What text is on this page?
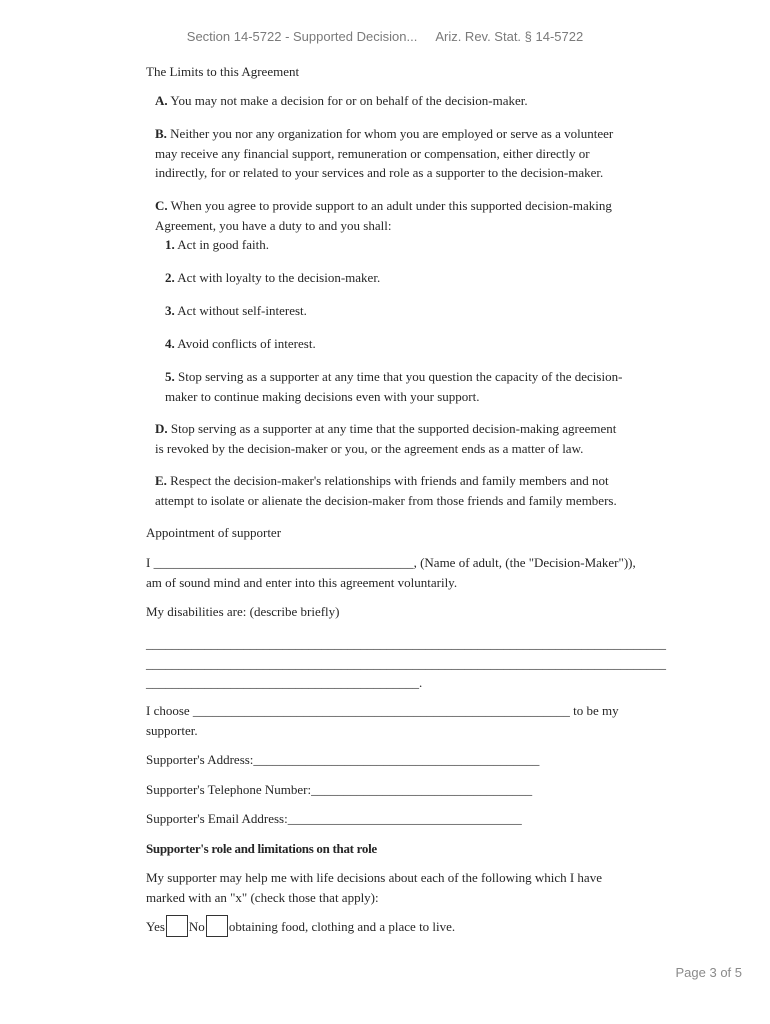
Section 14-5722 - Supported Decision... Ariz. Rev. Stat. § 14-5722
The Limits to this Agreement
A. You may not make a decision for or on behalf of the decision-maker.
B. Neither you nor any organization for whom you are employed or serve as a volunteer
may receive any financial support, remuneration or compensation, either directly or
indirectly, for or related to your services and role as a supporter to the decision-maker.
C. When you agree to provide support to an adult under this supported decision-making
Agreement, you have a duty to and you shall:
1. Act in good faith.
2. Act with loyalty to the decision-maker.
3. Act without self-interest.
4. Avoid conflicts of interest.
5. Stop serving as a supporter at any time that you question the capacity of the decision-
maker to continue making decisions even with your support.
D. Stop serving as a supporter at any time that the supported decision-making agreement
is revoked by the decision-maker or you, or the agreement ends as a matter of law.
E. Respect the decision-maker's relationships with friends and family members and not
attempt to isolate or alienate the decision-maker from those friends and family members.
Appointment of supporter
I ________________________________________, (Name of adult, (the "Decision-Maker")),
am of sound mind and enter into this agreement voluntarily.
My disabilities are: (describe briefly)
________________________________________________________________________________
________________________________________________________________________________
__________________________________________.
I choose __________________________________________________________ to be my
supporter.
Supporter's Address:____________________________________________
Supporter's Telephone Number:__________________________________
Supporter's Email Address:____________________________________
Supporter's role and limitations on that role
My supporter may help me with life decisions about each of the following which I have
marked with an "x" (check those that apply):
Yes No obtaining food, clothing and a place to live.
Page 3 of 5
